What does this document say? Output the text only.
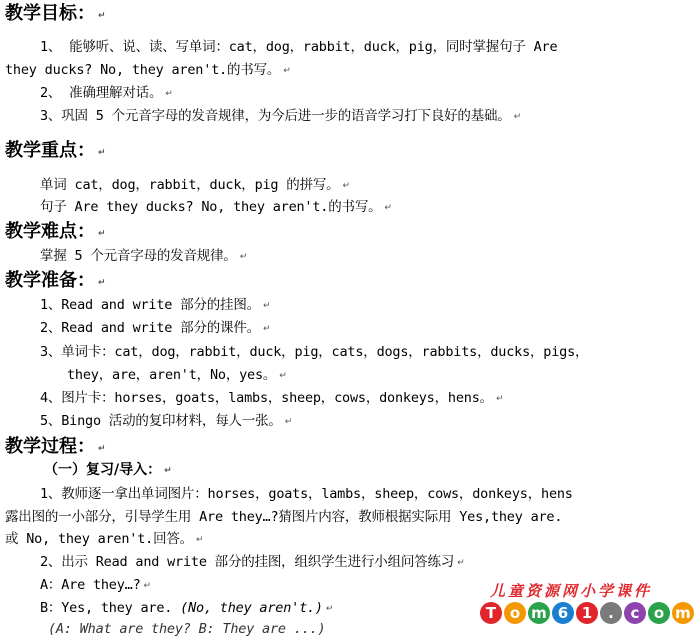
教学目标： ↵
1、 能够听、说、读、写单词：cat，dog，rabbit，duck，pig，同时掌握句子 Are
they ducks? No, they aren't.的书写。 ↵
2、 准确理解对话。 ↵
3、巩固 5 个元音字母的发音规律，为今后进一步的语音学习打下良好的基础。 ↵
教学重点： ↵
单词 cat，dog，rabbit，duck，pig 的拼写。 ↵
句子 Are they ducks? No, they aren't.的书写。 ↵
教学难点： ↵
掌握 5 个元音字母的发音规律。 ↵
教学准备： ↵
1、Read and write 部分的挂图。 ↵
2、Read and write 部分的课件。 ↵
3、单词卡：cat，dog，rabbit，duck，pig，cats，dogs，rabbits，ducks，pigs，
they，are，aren't，No，yes。 ↵
4、图片卡：horses，goats，lambs，sheep，cows，donkeys，hens。 ↵
5、Bingo 活动的复印材料，每人一张。 ↵
教学过程： ↵
（一）复习/导入： ↵
1、教师逐一拿出单词图片：horses，goats，lambs，sheep，cows，donkeys，hens
露出图的一小部分，引导学生用 Are they…?猜图片内容，教师根据实际用 Yes,they are.
或 No, they aren't.回答。 ↵
2、出示 Read and write 部分的挂图，组织学生进行小组问答练习 ↵
A：Are they…? ↵
B：Yes, they are. (No, they aren't.) ↵
(A: What are they? B: They are ...)
儿童资源网小学课件
T o m 6 1	.	c o m
